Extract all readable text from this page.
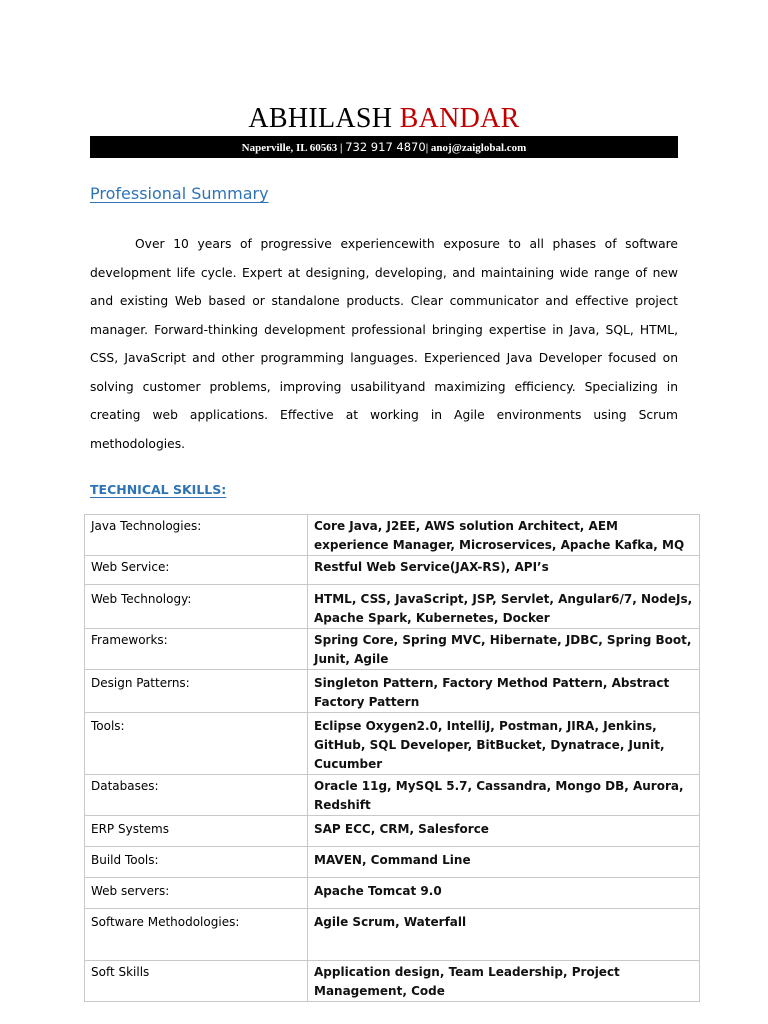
ABHILASH BANDAR
Naperville, IL 60563 | 732 917 4870| anoj@zaiglobal.com
Professional Summary
Over 10 years of progressive experiencewith exposure to all phases of software development life cycle. Expert at designing, developing, and maintaining wide range of new and existing Web based or standalone products. Clear communicator and effective project manager. Forward-thinking development professional bringing expertise in Java, SQL, HTML, CSS, JavaScript and other programming languages. Experienced Java Developer focused on solving customer problems, improving usabilityand maximizing efficiency. Specializing in creating web applications. Effective at working in Agile environments using Scrum methodologies.
TECHNICAL SKILLS:
Java Technologies:	Core Java, J2EE, AWS solution Architect, AEM experience Manager, Microservices, Apache Kafka, MQ
Web Service:	Restful Web Service(JAX-RS), API’s
Web Technology:	HTML, CSS, JavaScript, JSP, Servlet, Angular6/7, NodeJs, Apache Spark, Kubernetes, Docker
Frameworks:	Spring Core, Spring MVC, Hibernate, JDBC, Spring Boot, Junit, Agile
Design Patterns:	Singleton Pattern, Factory Method Pattern, Abstract Factory Pattern
Tools:	Eclipse Oxygen2.0, IntelliJ, Postman, JIRA, Jenkins, GitHub, SQL Developer, BitBucket, Dynatrace, Junit, Cucumber
Databases:	Oracle 11g, MySQL 5.7, Cassandra, Mongo DB, Aurora, Redshift
ERP Systems	SAP ECC, CRM, Salesforce
Build Tools:	MAVEN, Command Line
Web servers:	Apache Tomcat 9.0
Software Methodologies:	Agile Scrum, Waterfall
Soft Skills	Application design, Team Leadership, Project Management, Code
